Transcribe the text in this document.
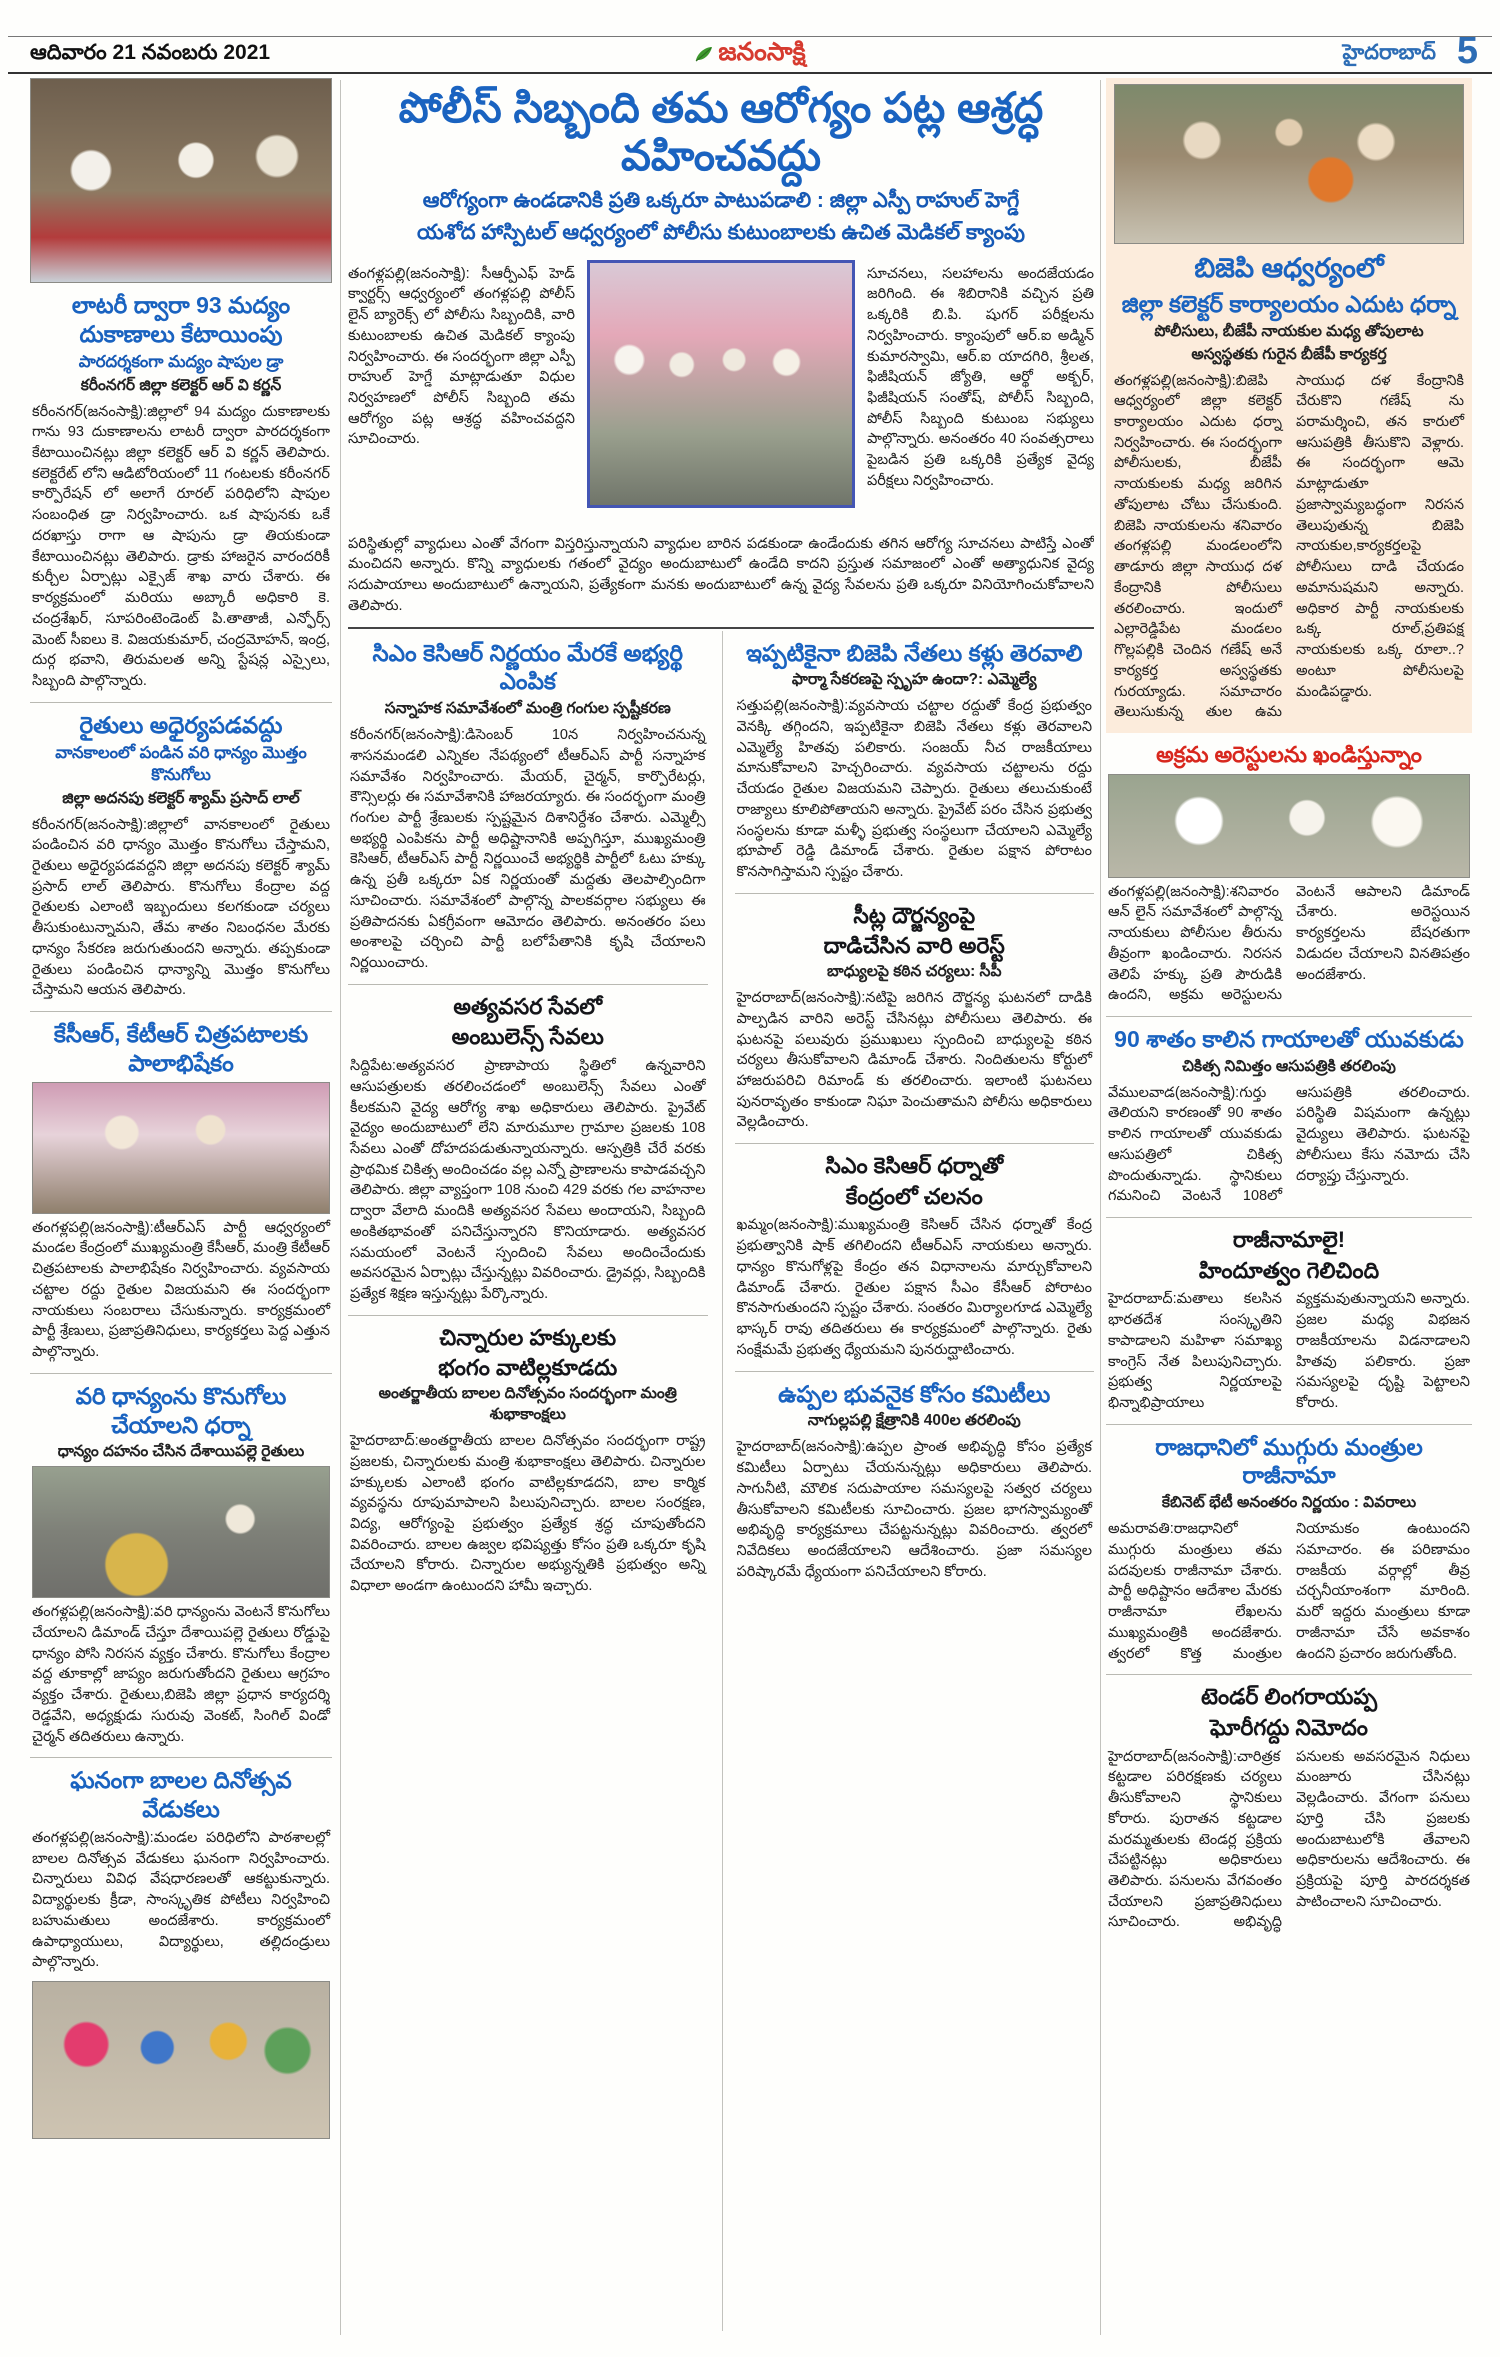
ఆదివారం 21 నవంబరు 2021	జనంసాక్షి	హైదరాబాద్ 5
లాటరీ ద్వారా 93 మద్యం దుకాణాలు కేటాయింపు
పారదర్శకంగా మద్యం షాపుల డ్రా
కరీంనగర్ జిల్లా కలెక్టర్ ఆర్ వి కర్ణన్
కరీంనగర్(జనంసాక్షి):జిల్లాలో 94 మద్యం దుకాణాలకు గాను 93 దుకాణాలను లాటరీ ద్వారా పారదర్శకంగా కేటాయించినట్లు జిల్లా కలెక్టర్ ఆర్ వి కర్ణన్ తెలిపారు. కలెక్టరేట్ లోని ఆడిటోరియంలో 11 గంటలకు కరీంనగర్ కార్పొరేషన్ లో అలాగే రూరల్ పరిధిలోని షాపుల సంబంధిత డ్రా నిర్వహించారు. ఒక షాపునకు ఒకే దరఖాస్తు రాగా ఆ షాపును డ్రా తియకుండా కేటాయించినట్లు తెలిపారు. డ్రాకు హాజరైన వారందరికీ కుర్చీల ఏర్పాట్లు ఎక్సైజ్ శాఖ వారు చేశారు. ఈ కార్యక్రమంలో మరియు అబ్కారీ అధికారి కె. చంద్రశేఖర్, సూపరింటెండెంట్ పి.తాతాజీ, ఎన్ఫోర్స్ మెంట్ సీఐలు కె. విజయకుమార్, చంద్రమోహన్, ఇంద్ర, దుర్గ భవాని, తిరుమలత అన్ని స్టేషన్ల ఎస్సైలు, సిబ్బంది పాల్గొన్నారు.
రైతులు అధైర్యపడవద్దు
వానకాలంలో పండిన వరి ధాన్యం మొత్తం కొనుగోలు
జిల్లా అదనపు కలెక్టర్ శ్యామ్ ప్రసాద్ లాల్
కరీంనగర్(జనంసాక్షి):జిల్లాలో వానకాలంలో రైతులు పండించిన వరి ధాన్యం మొత్తం కొనుగోలు చేస్తామని, రైతులు అధైర్యపడవద్దని జిల్లా అదనపు కలెక్టర్ శ్యామ్ ప్రసాద్ లాల్ తెలిపారు. కొనుగోలు కేంద్రాల వద్ద రైతులకు ఎలాంటి ఇబ్బందులు కలగకుండా చర్యలు తీసుకుంటున్నామని, తేమ శాతం నిబంధనల మేరకు ధాన్యం సేకరణ జరుగుతుందని అన్నారు. తప్పకుండా రైతులు పండించిన ధాన్యాన్ని మొత్తం కొనుగోలు చేస్తామని ఆయన తెలిపారు.
కేసీఆర్, కేటీఆర్ చిత్రపటాలకు పాలాభిషేకం
తంగళ్లపల్లి(జనంసాక్షి):టీఆర్ఎస్ పార్టీ ఆధ్వర్యంలో మండల కేంద్రంలో ముఖ్యమంత్రి కేసీఆర్, మంత్రి కేటీఆర్ చిత్రపటాలకు పాలాభిషేకం నిర్వహించారు. వ్యవసాయ చట్టాల రద్దు రైతుల విజయమని ఈ సందర్భంగా నాయకులు సంబరాలు చేసుకున్నారు. కార్యక్రమంలో పార్టీ శ్రేణులు, ప్రజాప్రతినిధులు, కార్యకర్తలు పెద్ద ఎత్తున పాల్గొన్నారు.
వరి ధాన్యంను కొనుగోలు చేయాలని ధర్నా
ధాన్యం దహనం చేసిన దేశాయిపల్లె రైతులు
తంగళ్లపల్లి(జనంసాక్షి):వరి ధాన్యంను వెంటనే కొనుగోలు చేయాలని డిమాండ్ చేస్తూ దేశాయిపల్లె రైతులు రోడ్డుపై ధాన్యం పోసి నిరసన వ్యక్తం చేశారు. కొనుగోలు కేంద్రాల వద్ద తూకాల్లో జాప్యం జరుగుతోందని రైతులు ఆగ్రహం వ్యక్తం చేశారు. రైతులు,బిజెపి జిల్లా ప్రధాన కార్యదర్శి రెడ్డవేని, అధ్యక్షుడు సురువు వెంకట్, సింగిల్ విండో చైర్మన్ తదితరులు ఉన్నారు.
ఘనంగా బాలల దినోత్సవ వేడుకలు
తంగళ్లపల్లి(జనంసాక్షి):మండల పరిధిలోని పాఠశాలల్లో బాలల దినోత్సవ వేడుకలు ఘనంగా నిర్వహించారు. చిన్నారులు వివిధ వేషధారణలతో ఆకట్టుకున్నారు. విద్యార్థులకు క్రీడా, సాంస్కృతిక పోటీలు నిర్వహించి బహుమతులు అందజేశారు. కార్యక్రమంలో ఉపాధ్యాయులు, విద్యార్థులు, తల్లిదండ్రులు పాల్గొన్నారు.
పోలీస్ సిబ్బంది తమ ఆరోగ్యం పట్ల ఆశ్రద్ధ వహించవద్దు
ఆరోగ్యంగా ఉండడానికి ప్రతి ఒక్కరూ పాటుపడాలి : జిల్లా ఎస్పీ రాహుల్ హెగ్డే
యశోద హాస్పిటల్ ఆధ్వర్యంలో పోలీసు కుటుంబాలకు ఉచిత మెడికల్ క్యాంపు
తంగళ్లపల్లి(జనంసాక్షి): సీఆర్పీఎఫ్ హెడ్ క్వార్టర్స్ ఆధ్వర్యంలో తంగళ్లపల్లి పోలీస్ లైన్ బ్యారెక్స్ లో పోలీసు సిబ్బందికి, వారి కుటుంబాలకు ఉచిత మెడికల్ క్యాంపు నిర్వహించారు. ఈ సందర్భంగా జిల్లా ఎస్పీ రాహుల్ హెగ్డే మాట్లాడుతూ విధుల నిర్వహణలో పోలీస్ సిబ్బంది తమ ఆరోగ్యం పట్ల ఆశ్రద్ధ వహించవద్దని సూచించారు.
సూచనలు, సలహాలను అందజేయడం జరిగింది. ఈ శిబిరానికి వచ్చిన ప్రతి ఒక్కరికి బి.పి. షుగర్ పరీక్షలను నిర్వహించారు. క్యాంపులో ఆర్.ఐ అడ్మిన్ కుమారస్వామి, ఆర్.ఐ యాదగిరి, శ్రీలత, ఫిజీషియన్ జ్యోతి, ఆర్థో అక్బర్, ఫిజీషియన్ సంతోష్, పోలీస్ సిబ్బంది, పోలీస్ సిబ్బంది కుటుంబ సభ్యులు పాల్గొన్నారు. అనంతరం 40 సంవత్సరాలు పైబడిన ప్రతి ఒక్కరికి ప్రత్యేక వైద్య పరీక్షలు నిర్వహించారు.
పరిస్థితుల్లో వ్యాధులు ఎంతో వేగంగా విస్తరిస్తున్నాయని వ్యాధుల బారిన పడకుండా ఉండేందుకు తగిన ఆరోగ్య సూచనలు పాటిస్తే ఎంతో మంచిదని అన్నారు. కొన్ని వ్యాధులకు గతంలో వైద్యం అందుబాటులో ఉండేది కాదని ప్రస్తుత సమాజంలో ఎంతో అత్యాధునిక వైద్య సదుపాయాలు అందుబాటులో ఉన్నాయని, ప్రత్యేకంగా మనకు అందుబాటులో ఉన్న వైద్య సేవలను ప్రతి ఒక్కరూ వినియోగించుకోవాలని తెలిపారు.
సిఎం కెసిఆర్ నిర్ణయం మేరకే అభ్యర్థి ఎంపిక
సన్నాహక సమావేశంలో మంత్రి గంగుల స్పష్టీకరణ
కరీంనగర్(జనంసాక్షి):డిసెంబర్ 10న నిర్వహించనున్న శాసనమండలి ఎన్నికల నేపథ్యంలో టీఆర్ఎస్ పార్టీ సన్నాహక సమావేశం నిర్వహించారు. మేయర్, చైర్మన్, కార్పొరేటర్లు, కౌన్సిలర్లు ఈ సమావేశానికి హాజరయ్యారు. ఈ సందర్భంగా మంత్రి గంగుల పార్టీ శ్రేణులకు స్పష్టమైన దిశానిర్దేశం చేశారు. ఎమ్మెల్సీ అభ్యర్థి ఎంపికను పార్టీ అధిష్టానానికి అప్పగిస్తూ, ముఖ్యమంత్రి కెసిఆర్, టీఆర్ఎస్ పార్టీ నిర్ణయించే అభ్యర్థికి పార్టీలో ఓటు హక్కు ఉన్న ప్రతీ ఒక్కరూ ఏక నిర్ణయంతో మద్దతు తెలపాల్సిందిగా సూచించారు. సమావేశంలో పాల్గొన్న పాలకవర్గాల సభ్యులు ఈ ప్రతిపాదనకు ఏకగ్రీవంగా ఆమోదం తెలిపారు. అనంతరం పలు అంశాలపై చర్చించి పార్టీ బలోపేతానికి కృషి చేయాలని నిర్ణయించారు.
అత్యవసర సేవలో
అంబులెన్స్ సేవలు
సిద్దిపేట:అత్యవసర ప్రాణాపాయ స్థితిలో ఉన్నవారిని ఆసుపత్రులకు తరలించడంలో అంబులెన్స్ సేవలు ఎంతో కీలకమని వైద్య ఆరోగ్య శాఖ అధికారులు తెలిపారు. ప్రైవేట్ వైద్యం అందుబాటులో లేని మారుమూల గ్రామాల ప్రజలకు 108 సేవలు ఎంతో దోహదపడుతున్నాయన్నారు. ఆస్పత్రికి చేరే వరకు ప్రాథమిక చికిత్స అందించడం వల్ల ఎన్నో ప్రాణాలను కాపాడవచ్చని తెలిపారు. జిల్లా వ్యాప్తంగా 108 నుంచి 429 వరకు గల వాహనాల ద్వారా వేలాది మందికి అత్యవసర సేవలు అందాయని, సిబ్బంది అంకితభావంతో పనిచేస్తున్నారని కొనియాడారు. అత్యవసర సమయంలో వెంటనే స్పందించి సేవలు అందించేందుకు అవసరమైన ఏర్పాట్లు చేస్తున్నట్లు వివరించారు. డ్రైవర్లు, సిబ్బందికి ప్రత్యేక శిక్షణ ఇస్తున్నట్లు పేర్కొన్నారు.
చిన్నారుల హక్కులకు
భంగం వాటిల్లకూడదు
అంతర్జాతీయ బాలల దినోత్సవం సందర్భంగా మంత్రి శుభాకాంక్షలు
హైదరాబాద్:అంతర్జాతీయ బాలల దినోత్సవం సందర్భంగా రాష్ట్ర ప్రజలకు, చిన్నారులకు మంత్రి శుభాకాంక్షలు తెలిపారు. చిన్నారుల హక్కులకు ఎలాంటి భంగం వాటిల్లకూడదని, బాల కార్మిక వ్యవస్థను రూపుమాపాలని పిలుపునిచ్చారు. బాలల సంరక్షణ, విద్య, ఆరోగ్యంపై ప్రభుత్వం ప్రత్యేక శ్రద్ధ చూపుతోందని వివరించారు. బాలల ఉజ్వల భవిష్యత్తు కోసం ప్రతి ఒక్కరూ కృషి చేయాలని కోరారు. చిన్నారుల అభ్యున్నతికి ప్రభుత్వం అన్ని విధాలా అండగా ఉంటుందని హామీ ఇచ్చారు.
ఇప్పటికైనా బిజెపి నేతలు కళ్లు తెరవాలి
ఫార్మా సేకరణపై స్పృహ ఉందా?: ఎమ్మెల్యే
సత్తుపల్లి(జనంసాక్షి):వ్యవసాయ చట్టాల రద్దుతో కేంద్ర ప్రభుత్వం వెనక్కి తగ్గిందని, ఇప్పటికైనా బిజెపి నేతలు కళ్లు తెరవాలని ఎమ్మెల్యే హితవు పలికారు. సంజయ్ నీచ రాజకీయాలు మానుకోవాలని హెచ్చరించారు. వ్యవసాయ చట్టాలను రద్దు చేయడం రైతుల విజయమని చెప్పారు. రైతులు తలుచుకుంటే రాజ్యాలు కూలిపోతాయని అన్నారు. ప్రైవేట్ పరం చేసిన ప్రభుత్వ సంస్థలను కూడా మళ్ళీ ప్రభుత్వ సంస్థలుగా చేయాలని ఎమ్మెల్యే భూపాల్ రెడ్డి డిమాండ్ చేశారు. రైతుల పక్షాన పోరాటం కొనసాగిస్తామని స్పష్టం చేశారు.
సీట్ల దౌర్జన్యంపై
దాడిచేసిన వారి అరెస్ట్
బాధ్యులపై కఠిన చర్యలు: సీపీ
హైదరాబాద్(జనంసాక్షి):నటిపై జరిగిన దౌర్జన్య ఘటనలో దాడికి పాల్పడిన వారిని అరెస్ట్ చేసినట్లు పోలీసులు తెలిపారు. ఈ ఘటనపై పలువురు ప్రముఖులు స్పందించి బాధ్యులపై కఠిన చర్యలు తీసుకోవాలని డిమాండ్ చేశారు. నిందితులను కోర్టులో హాజరుపరిచి రిమాండ్ కు తరలించారు. ఇలాంటి ఘటనలు పునరావృతం కాకుండా నిఘా పెంచుతామని పోలీసు అధికారులు వెల్లడించారు.
సిఎం కెసిఆర్ ధర్నాతో
కేంద్రంలో చలనం
ఖమ్మం(జనంసాక్షి):ముఖ్యమంత్రి కెసిఆర్ చేసిన ధర్నాతో కేంద్ర ప్రభుత్వానికి షాక్ తగిలిందని టీఆర్ఎస్ నాయకులు అన్నారు. ధాన్యం కొనుగోళ్లపై కేంద్రం తన విధానాలను మార్చుకోవాలని డిమాండ్ చేశారు. రైతుల పక్షాన సీఎం కేసీఆర్ పోరాటం కొనసాగుతుందని స్పష్టం చేశారు. సంతరం మిర్యాలగూడ ఎమ్మెల్యే భాస్కర్ రావు తదితరులు ఈ కార్యక్రమంలో పాల్గొన్నారు. రైతు సంక్షేమమే ప్రభుత్వ ధ్యేయమని పునరుద్ఘాటించారు.
ఉప్పల భువనైక కోసం కమిటీలు
నాగుల్లపల్లి క్షేత్రానికి 400ల తరలింపు
హైదరాబాద్(జనంసాక్షి):ఉప్పల ప్రాంత అభివృద్ధి కోసం ప్రత్యేక కమిటీలు ఏర్పాటు చేయనున్నట్లు అధికారులు తెలిపారు. సాగునీటి, మౌలిక సదుపాయాల సమస్యలపై సత్వర చర్యలు తీసుకోవాలని కమిటీలకు సూచించారు. ప్రజల భాగస్వామ్యంతో అభివృద్ధి కార్యక్రమాలు చేపట్టనున్నట్లు వివరించారు. త్వరలో నివేదికలు అందజేయాలని ఆదేశించారు. ప్రజా సమస్యల పరిష్కారమే ధ్యేయంగా పనిచేయాలని కోరారు.
బిజెపి ఆధ్వర్యంలో
జిల్లా కలెక్టర్ కార్యాలయం ఎదుట ధర్నా
పోలీసులు, బీజేపీ నాయకుల మధ్య తోపులాట
అస్వస్థతకు గురైన బీజేపీ కార్యకర్త
తంగళ్లపల్లి(జనంసాక్షి):బిజెపి ఆధ్వర్యంలో జిల్లా కలెక్టర్ కార్యాలయం ఎదుట ధర్నా నిర్వహించారు. ఈ సందర్భంగా పోలీసులకు, బీజేపీ నాయకులకు మధ్య జరిగిన తోపులాట చోటు చేసుకుంది. బిజెపి నాయకులను శనివారం తంగళ్లపల్లి మండలంలోని తాడూరు జిల్లా సాయుధ దళ కేంద్రానికి పోలీసులు తరలించారు. ఇందులో ఎల్లారెడ్డిపేట మండలం గొల్లపల్లికి చెందిన గణేష్ అనే కార్యకర్త అస్వస్థతకు గురయ్యాడు. సమాచారం తెలుసుకున్న తుల ఉమ సాయుధ దళ కేంద్రానికి చేరుకొని గణేష్ ను పరామర్శించి, తన కారులో ఆసుపత్రికి తీసుకొని వెళ్లారు. ఈ సందర్భంగా ఆమె మాట్లాడుతూ ప్రజాస్వామ్యబద్ధంగా నిరసన తెలుపుతున్న బిజెపి నాయకుల,కార్యకర్తలపై పోలీసులు దాడి చేయడం అమానుషమని అన్నారు. అధికార పార్టీ నాయకులకు ఒక్క రూల్,ప్రతిపక్ష నాయకులకు ఒక్క రూలా..? అంటూ పోలీసులపై మండిపడ్డారు.
అక్రమ అరెస్టులను ఖండిస్తున్నాం
తంగళ్లపల్లి(జనంసాక్షి):శనివారం ఆన్ లైన్ సమావేశంలో పాల్గొన్న నాయకులు పోలీసుల తీరును తీవ్రంగా ఖండించారు. నిరసన తెలిపే హక్కు ప్రతి పౌరుడికి ఉందని, అక్రమ అరెస్టులను వెంటనే ఆపాలని డిమాండ్ చేశారు. అరెస్టయిన కార్యకర్తలను బేషరతుగా విడుదల చేయాలని వినతిపత్రం అందజేశారు.
90 శాతం కాలిన గాయాలతో యువకుడు
చికిత్స నిమిత్తం ఆసుపత్రికి తరలింపు
వేములవాడ(జనంసాక్షి):గుర్తు తెలియని కారణంతో 90 శాతం కాలిన గాయాలతో యువకుడు ఆసుపత్రిలో చికిత్స పొందుతున్నాడు. స్థానికులు గమనించి వెంటనే 108లో ఆసుపత్రికి తరలించారు. పరిస్థితి విషమంగా ఉన్నట్లు వైద్యులు తెలిపారు. ఘటనపై పోలీసులు కేసు నమోదు చేసి దర్యాప్తు చేస్తున్నారు.
రాజీనామాలై!
హిందూత్వం గెలిచింది
హైదరాబాద్:మతాలు కలసిన భారతదేశ సంస్కృతిని కాపాడాలని మహిళా సమాఖ్య కాంగ్రెస్ నేత పిలుపునిచ్చారు. ప్రభుత్వ నిర్ణయాలపై భిన్నాభిప్రాయాలు వ్యక్తమవుతున్నాయని అన్నారు. ప్రజల మధ్య విభజన రాజకీయాలను విడనాడాలని హితవు పలికారు. ప్రజా సమస్యలపై దృష్టి పెట్టాలని కోరారు.
రాజధానిలో ముగ్గురు మంత్రుల రాజీనామా
కేబినెట్ భేటీ అనంతరం నిర్ణయం : వివరాలు
అమరావతి:రాజధానిలో ముగ్గురు మంత్రులు తమ పదవులకు రాజీనామా చేశారు. పార్టీ అధిష్టానం ఆదేశాల మేరకు రాజీనామా లేఖలను ముఖ్యమంత్రికి అందజేశారు. త్వరలో కొత్త మంత్రుల నియామకం ఉంటుందని సమాచారం. ఈ పరిణామం రాజకీయ వర్గాల్లో తీవ్ర చర్చనీయాంశంగా మారింది. మరో ఇద్దరు మంత్రులు కూడా రాజీనామా చేసే అవకాశం ఉందని ప్రచారం జరుగుతోంది.
టెండర్ లింగరాయప్ప
ఘోరీగద్దు నిమోదం
హైదరాబాద్(జనంసాక్షి):చారిత్రక కట్టడాల పరిరక్షణకు చర్యలు తీసుకోవాలని స్థానికులు కోరారు. పురాతన కట్టడాల మరమ్మతులకు టెండర్ల ప్రక్రియ చేపట్టినట్లు అధికారులు తెలిపారు. పనులను వేగవంతం చేయాలని ప్రజాప్రతినిధులు సూచించారు. అభివృద్ధి పనులకు అవసరమైన నిధులు మంజూరు చేసినట్లు వెల్లడించారు. వేగంగా పనులు పూర్తి చేసి ప్రజలకు అందుబాటులోకి తేవాలని అధికారులను ఆదేశించారు. ఈ ప్రక్రియపై పూర్తి పారదర్శకత పాటించాలని సూచించారు.
